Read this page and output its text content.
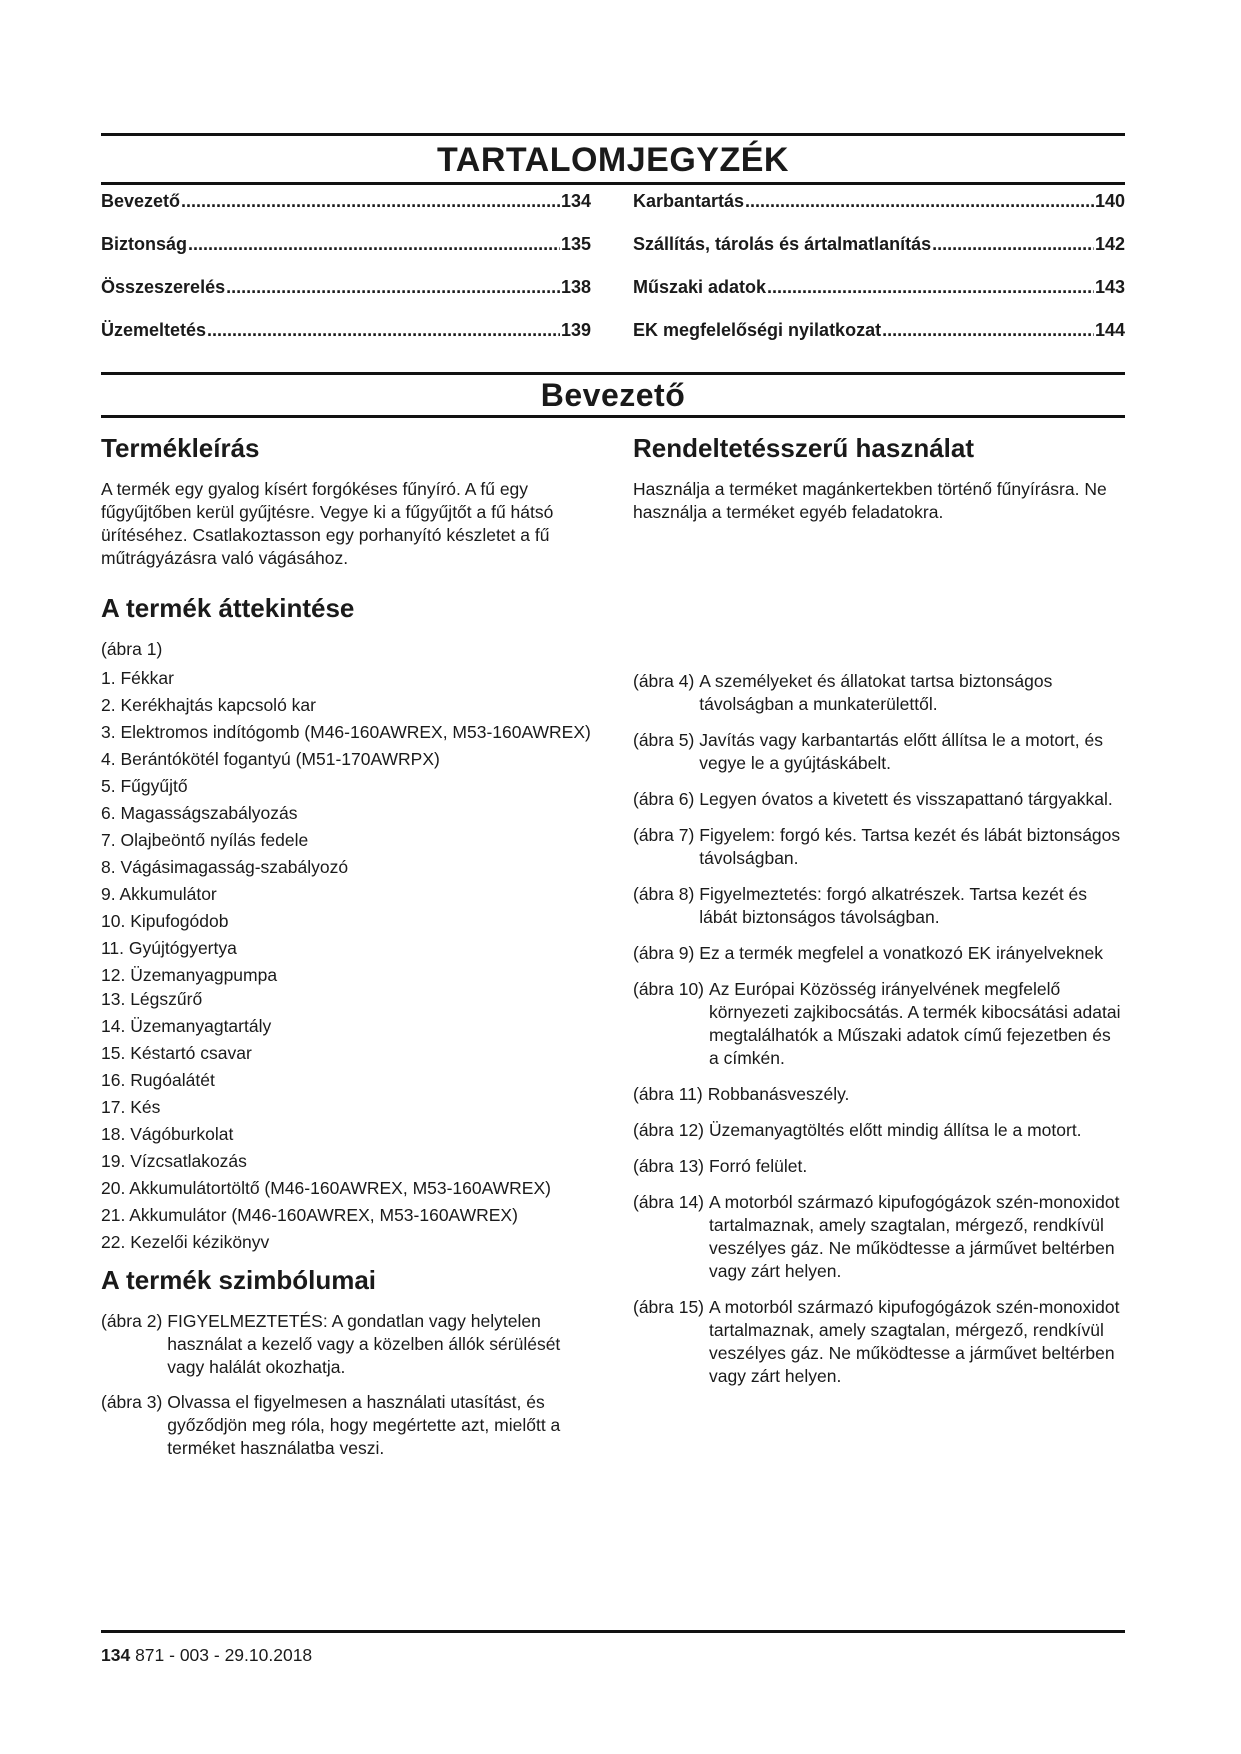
TARTALOMJEGYZÉK
Bevezető .....	134
Biztonság .....	135
Összeszerelés .....	138
Üzemeltetés .....	139
Karbantartás .....	140
Szállítás, tárolás és ártalmatlanítás .....	142
Műszaki adatok .....	143
EK megfelelőségi nyilatkozat .....	144
Bevezető
Termékleírás

A termék egy gyalog kísért forgókéses fűnyíró. A fű egy fűgyűjtőben kerül gyűjtésre. Vegye ki a fűgyűjtőt a fű hátsó ürítéséhez. Csatlakoztasson egy porhanyító készletet a fű műtrágyázásra való vágásához.

A termék áttekintése
(ábra 1)
1. Fékkar
2. Kerékhajtás kapcsoló kar
3. Elektromos indítógomb (M46-160AWREX, M53-160AWREX)
4. Berántókötél fogantyú (M51-170AWRPX)
5. Fűgyűjtő
6. Magasságszabályozás
7. Olajbeöntő nyílás fedele
8. Vágásimagasság-szabályozó
9. Akkumulátor
10. Kipufogódob
11. Gyújtógyertya
12. Üzemanyagpumpa
13. Légszűrő
14. Üzemanyagtartály
15. Késtartó csavar
16. Rugóalátét
17. Kés
18. Vágóburkolat
19. Vízcsatlakozás
20. Akkumulátortöltő (M46-160AWREX, M53-160AWREX)
21. Akkumulátor (M46-160AWREX, M53-160AWREX)
22. Kezelői kézikönyv
A termék szimbólumai
(ábra 2) FIGYELMEZTETÉS: A gondatlan vagy helytelen használat a kezelő vagy a közelben állók sérülését vagy halálát okozhatja.
(ábra 3) Olvassa el figyelmesen a használati utasítást, és győződjön meg róla, hogy megértette azt, mielőtt a terméket használatba veszi.
Rendeltetésszerű használat

Használja a terméket magánkertekben történő fűnyírásra. Ne használja a terméket egyéb feladatokra.

(ábra 4) A személyeket és állatokat tartsa biztonságos távolságban a munkaterülettől.
(ábra 5) Javítás vagy karbantartás előtt állítsa le a motort, és vegye le a gyújtáskábelt.
(ábra 6) Legyen óvatos a kivetett és visszapattanó tárgyakkal.
(ábra 7) Figyelem: forgó kés. Tartsa kezét és lábát biztonságos távolságban.
(ábra 8) Figyelmeztetés: forgó alkatrészek. Tartsa kezét és lábát biztonságos távolságban.
(ábra 9) Ez a termék megfelel a vonatkozó EK irányelveknek
(ábra 10) Az Európai Közösség irányelvének megfelelő környezeti zajkibocsátás. A termék kibocsátási adatai megtalálhatók a Műszaki adatok című fejezetben és a címkén.
(ábra 11) Robbanásveszély.
(ábra 12) Üzemanyagtöltés előtt mindig állítsa le a motort.
(ábra 13) Forró felület.
(ábra 14) A motorból származó kipufogógázok szén-monoxidot tartalmaznak, amely szagtalan, mérgező, rendkívül veszélyes gáz. Ne működtesse a járművet beltérben vagy zárt helyen.
(ábra 15) A motorból származó kipufogógázok szén-monoxidot tartalmaznak, amely szagtalan, mérgező, rendkívül veszélyes gáz. Ne működtesse a járművet beltérben vagy zárt helyen.
134 871 - 003 - 29.10.2018
